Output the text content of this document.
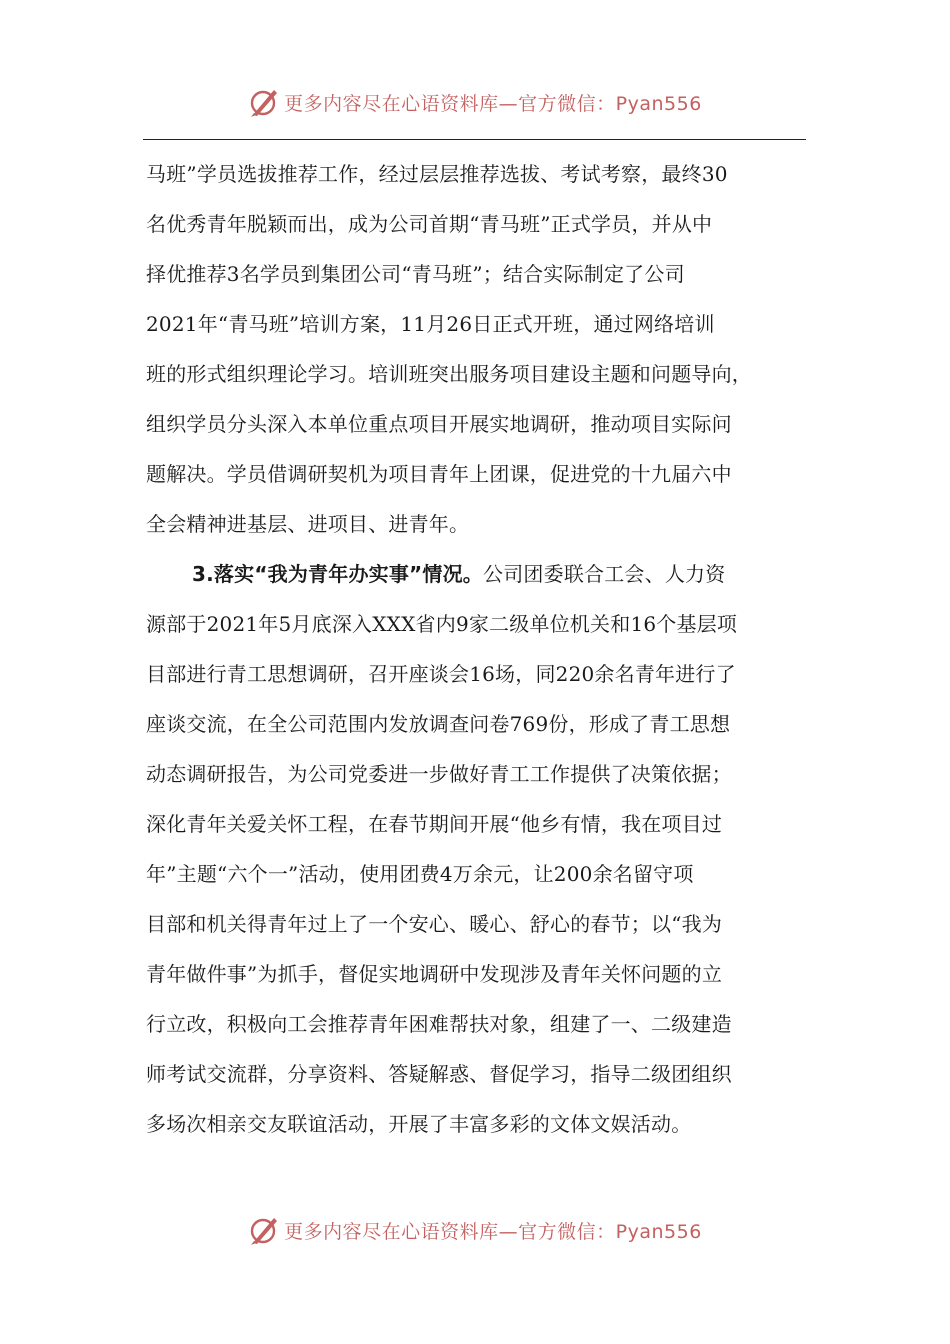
更多内容尽在心语资料库—官方微信：Pyan556
马班”学员选拔推荐工作，经过层层推荐选拔、考试考察，最终30
名优秀青年脱颖而出，成为公司首期“青马班”正式学员，并从中
择优推荐3名学员到集团公司“青马班”；结合实际制定了公司
2021年“青马班”培训方案，11月26日正式开班，通过网络培训
班的形式组织理论学习。培训班突出服务项目建设主题和问题导向，
组织学员分头深入本单位重点项目开展实地调研，推动项目实际问
题解决。学员借调研契机为项目青年上团课，促进党的十九届六中
全会精神进基层、进项目、进青年。
3.落实“我为青年办实事”情况。公司团委联合工会、人力资
源部于2021年5月底深入XXX省内9家二级单位机关和16个基层项
目部进行青工思想调研，召开座谈会16场，同220余名青年进行了
座谈交流，在全公司范围内发放调查问卷769份，形成了青工思想
动态调研报告，为公司党委进一步做好青工工作提供了决策依据；
深化青年关爱关怀工程，在春节期间开展“他乡有情，我在项目过
年”主题“六个一”活动，使用团费4万余元，让200余名留守项
目部和机关得青年过上了一个安心、暖心、舒心的春节；以“我为
青年做件事”为抓手，督促实地调研中发现涉及青年关怀问题的立
行立改，积极向工会推荐青年困难帮扶对象，组建了一、二级建造
师考试交流群，分享资料、答疑解惑、督促学习，指导二级团组织
多场次相亲交友联谊活动，开展了丰富多彩的文体文娱活动。
更多内容尽在心语资料库—官方微信：Pyan556
